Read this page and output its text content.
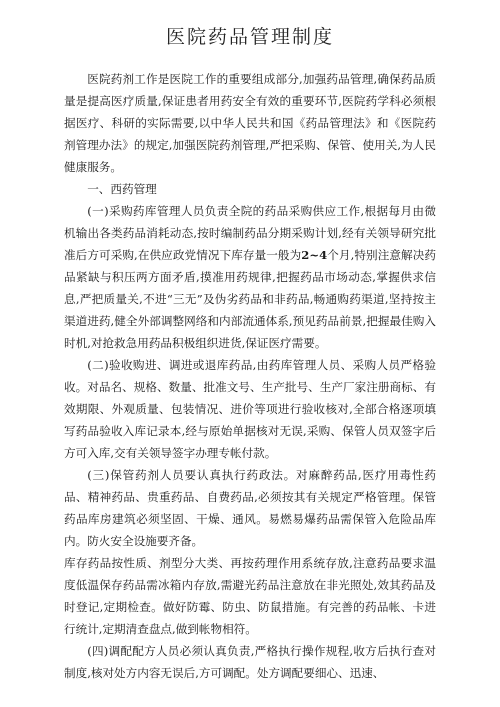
医院药品管理制度

医院药剂工作是医院工作的重要组成部分,加强药品管理,确保药品质量是提高医疗质量,保证患者用药安全有效的重要环节,医院药学科必须根据医疗、科研的实际需要,以中华人民共和国《药品管理法》和《医院药剂管理办法》的规定,加强医院药剂管理,严把采购、保管、使用关,为人民健康服务。

一、西药管理

(一)采购药库管理人员负责全院的药品采购供应工作,根据每月由微机输出各类药品消耗动态,按时编制药品分期采购计划,经有关领导研究批准后方可采购,在供应政党情况下库存量一般为2~4个月,特别注意解决药品紧缺与积压两方面矛盾,摸准用药规律,把握药品市场动态,掌握供求信息,严把质量关,不进“三无”及伪劣药品和非药品,畅通购药渠道,坚持按主渠道进药,健全外部调整网络和内部流通体系,预见药品前景,把握最佳购入时机,对抢救急用药品积极组织进货,保证医疗需要。

(二)验收购进、调进或退库药品,由药库管理人员、采购人员严格验收。对品名、规格、数量、批准文号、生产批号、生产厂家注册商标、有效期限、外观质量、包装情况、进价等项进行验收核对,全部合格逐项填写药品验收入库记录本,经与原始单据核对无误,采购、保管人员双签字后方可入库,交有关领导签字办理专帐付款。

(三)保管药剂人员要认真执行药政法。对麻醉药品,医疗用毒性药品、精神药品、贵重药品、自费药品,必须按其有关规定严格管理。保管药品库房建筑必须坚固、干燥、通风。易燃易爆药品需保管入危险品库内。防火安全设施要齐备。

库存药品按性质、剂型分大类、再按药理作用系统存放,注意药品要求温度低温保存药品需冰箱内存放,需避光药品注意放在非光照处,效其药品及时登记,定期检查。做好防霉、防虫、防鼠措施。有完善的药品帐、卡进行统计,定期清查盘点,做到帐物相符。

(四)调配配方人员必须认真负责,严格执行操作规程,收方后执行查对制度,核对处方内容无误后,方可调配。处方调配要细心、迅速、
